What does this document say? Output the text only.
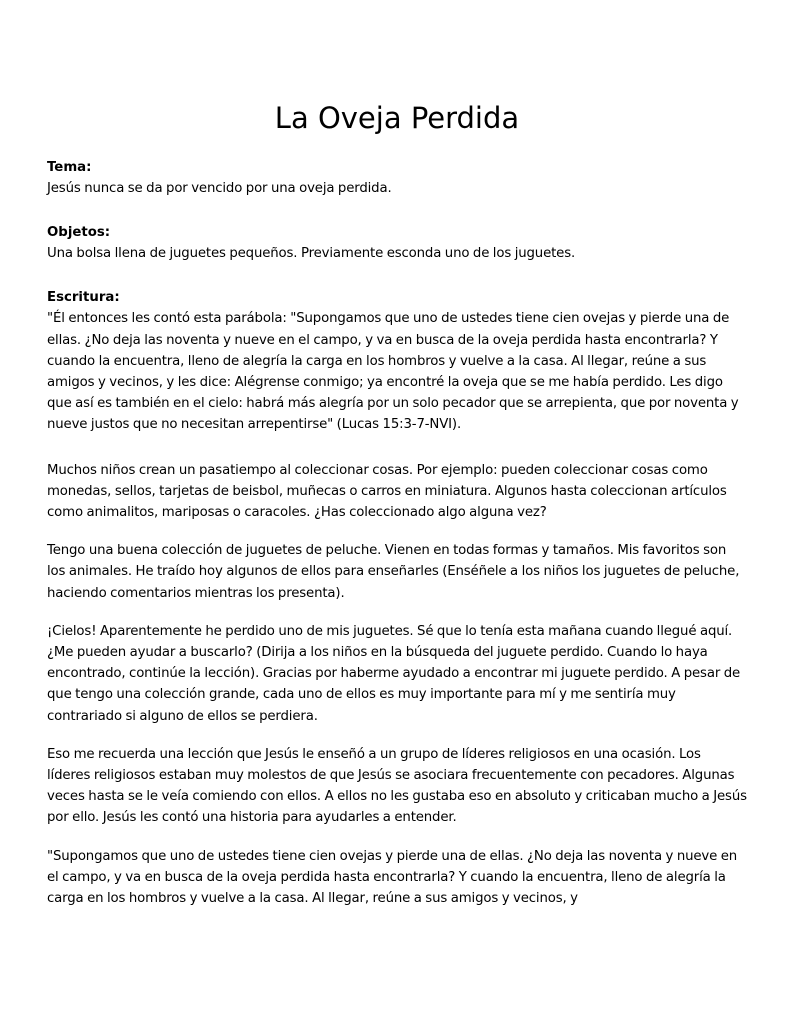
La Oveja Perdida
Tema:
Jesús nunca se da por vencido por una oveja perdida.
Objetos:
Una bolsa llena de juguetes pequeños. Previamente esconda uno de los juguetes.
Escritura:
"Él entonces les contó esta parábola: "Supongamos que uno de ustedes tiene cien ovejas y pierde una de ellas. ¿No deja las noventa y nueve en el campo, y va en busca de la oveja perdida hasta encontrarla? Y cuando la encuentra, lleno de alegría la carga en los hombros y vuelve a la casa. Al llegar, reúne a sus amigos y vecinos, y les dice: Alégrense conmigo; ya encontré la oveja que se me había perdido. Les digo que así es también en el cielo: habrá más alegría por un solo pecador que se arrepienta, que por noventa y nueve justos que no necesitan arrepentirse" (Lucas 15:3-7-NVI).

Muchos niños crean un pasatiempo al coleccionar cosas. Por ejemplo: pueden coleccionar cosas como monedas, sellos, tarjetas de beisbol, muñecas o carros en miniatura. Algunos hasta coleccionan artículos como animalitos, mariposas o caracoles. ¿Has coleccionado algo alguna vez?

Tengo una buena colección de juguetes de peluche. Vienen en todas formas y tamaños. Mis favoritos son los animales. He traído hoy algunos de ellos para enseñarles (Enséñele a los niños los juguetes de peluche, haciendo comentarios mientras los presenta).

¡Cielos! Aparentemente he perdido uno de mis juguetes. Sé que lo tenía esta mañana cuando llegué aquí. ¿Me pueden ayudar a buscarlo? (Dirija a los niños en la búsqueda del juguete perdido. Cuando lo haya encontrado, continúe la lección). Gracias por haberme ayudado a encontrar mi juguete perdido. A pesar de que tengo una colección grande, cada uno de ellos es muy importante para mí y me sentiría muy contrariado si alguno de ellos se perdiera.

Eso me recuerda una lección que Jesús le enseñó a un grupo de líderes religiosos en una ocasión. Los líderes religiosos estaban muy molestos de que Jesús se asociara frecuentemente con pecadores. Algunas veces hasta se le veía comiendo con ellos. A ellos no les gustaba eso en absoluto y criticaban mucho a Jesús por ello. Jesús les contó una historia para ayudarles a entender.

"Supongamos que uno de ustedes tiene cien ovejas y pierde una de ellas. ¿No deja las noventa y nueve en el campo, y va en busca de la oveja perdida hasta encontrarla? Y cuando la encuentra, lleno de alegría la carga en los hombros y vuelve a la casa. Al llegar, reúne a sus amigos y vecinos, y
